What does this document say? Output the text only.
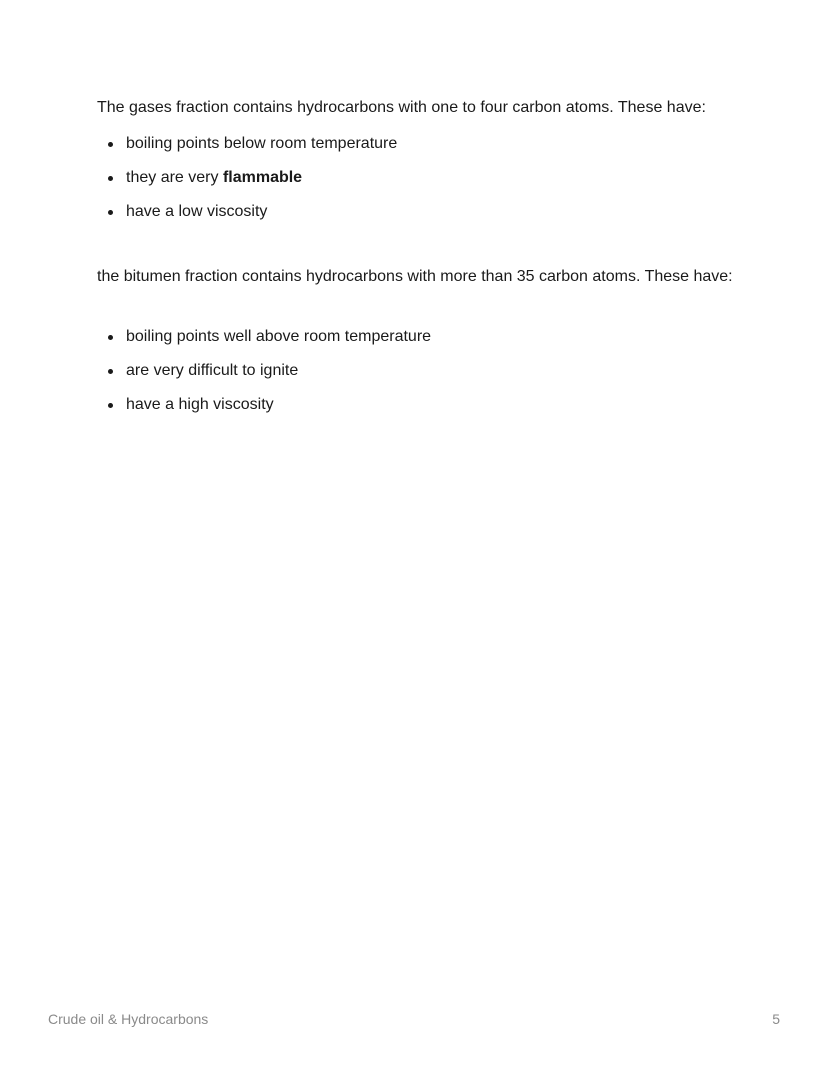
The gases fraction contains hydrocarbons with one to four carbon atoms. These have:

boiling points below room temperature
they are very flammable
have a low viscosity

the bitumen fraction contains hydrocarbons with more than 35 carbon atoms. These have:

boiling points well above room temperature
are very difficult to ignite
have a high viscosity
Crude oil & Hydrocarbons	5
